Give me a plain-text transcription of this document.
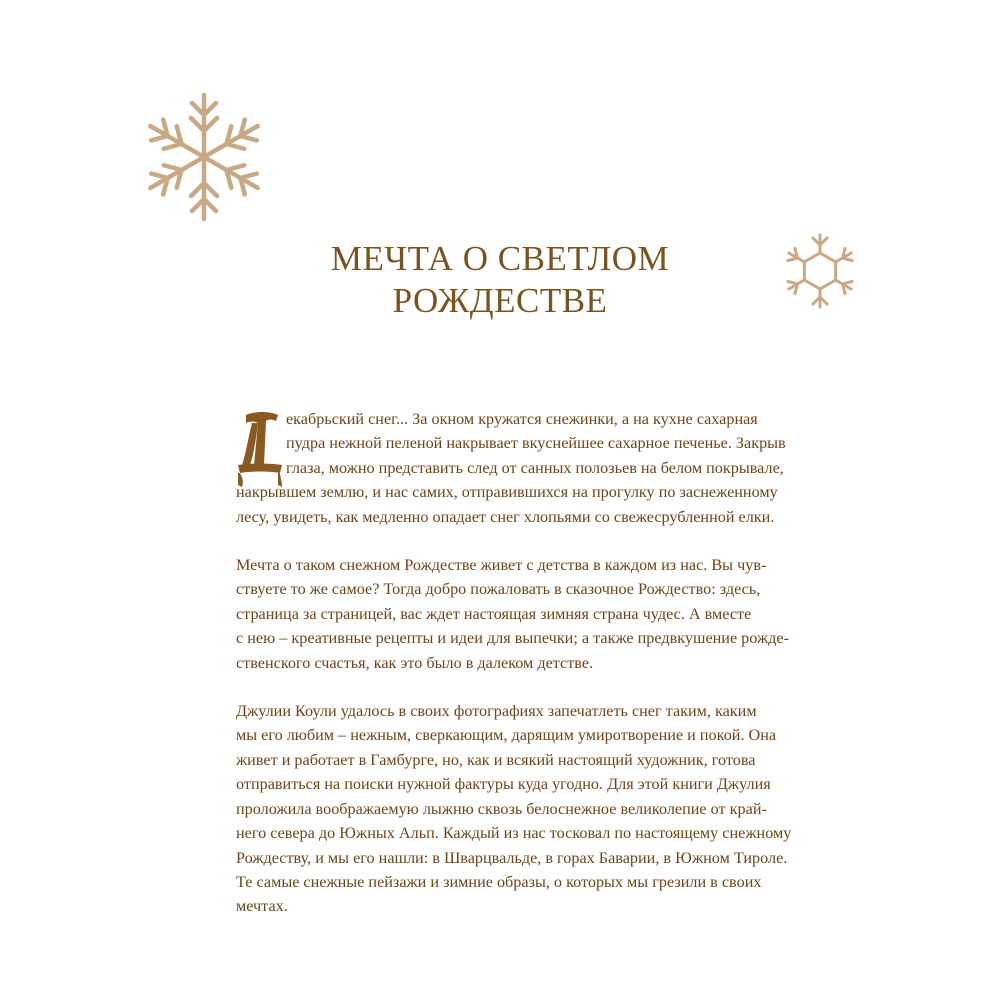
МЕЧТА О СВЕТЛОМ
РОЖДЕСТВЕ
Д

екабрьский снег... За окном кружатся снежинки, а на кухне сахарная
пудра нежной пеленой накрывает вкуснейшее сахарное печенье. Закрыв
глаза, можно представить след от санных полозьев на белом покрывале,
накрывшем землю, и нас самих, отправившихся на прогулку по заснеженному
лесу, увидеть, как медленно опадает снег хлопьями со свежесрубленной елки.

Мечта о таком снежном Рождестве живет с детства в каждом из нас. Вы чув-
ствуете то же самое? Тогда добро пожаловать в сказочное Рождество: здесь,
страница за страницей, вас ждет настоящая зимняя страна чудес. А вместе
с нею – креативные рецепты и идеи для выпечки; а также предвкушение рожде-
ственского счастья, как это было в далеком детстве.

Джулии Коули удалось в своих фотографиях запечатлеть снег таким, каким
мы его любим – нежным, сверкающим, дарящим умиротворение и покой. Она
живет и работает в Гамбурге, но, как и всякий настоящий художник, готова
отправиться на поиски нужной фактуры куда угодно. Для этой книги Джулия
проложила воображаемую лыжню сквозь белоснежное великолепие от край-
него севера до Южных Альп. Каждый из нас тосковал по настоящему снежному
Рождеству, и мы его нашли: в Шварцвальде, в горах Баварии, в Южном Тироле.
Те самые снежные пейзажи и зимние образы, о которых мы грезили в своих
мечтах.
